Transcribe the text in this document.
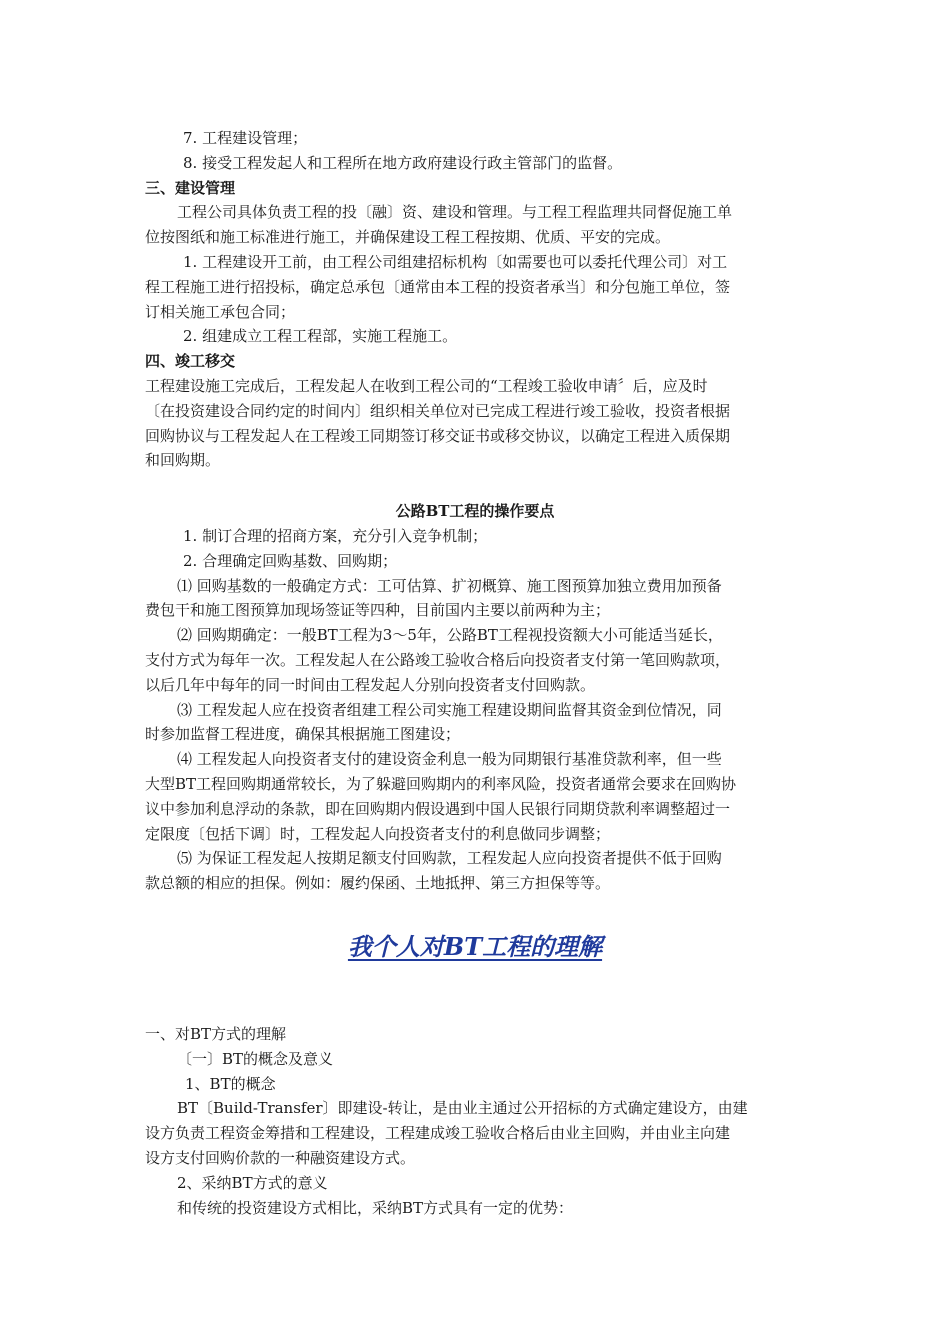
7. 工程建设管理；
8. 接受工程发起人和工程所在地方政府建设行政主管部门的监督。
三、建设管理
工程公司具体负责工程的投〔融〕资、建设和管理。与工程工程监理共同督促施工单
位按图纸和施工标准进行施工，并确保建设工程工程按期、优质、平安的完成。
1. 工程建设开工前，由工程公司组建招标机构〔如需要也可以委托代理公司〕对工
程工程施工进行招投标，确定总承包〔通常由本工程的投资者承当〕和分包施工单位，签
订相关施工承包合同；
2. 组建成立工程工程部，实施工程施工。
四、竣工移交
工程建设施工完成后，工程发起人在收到工程公司的“工程竣工验收申请〞后，应及时
〔在投资建设合同约定的时间内〕组织相关单位对已完成工程进行竣工验收，投资者根据
回购协议与工程发起人在工程竣工同期签订移交证书或移交协议，以确定工程进入质保期
和回购期。
公路BT工程的操作要点
1. 制订合理的招商方案，充分引入竞争机制；
2. 合理确定回购基数、回购期；
⑴ 回购基数的一般确定方式：工可估算、扩初概算、施工图预算加独立费用加预备
费包干和施工图预算加现场签证等四种，目前国内主要以前两种为主；
⑵ 回购期确定：一般BT工程为3～5年，公路BT工程视投资额大小可能适当延长，
支付方式为每年一次。工程发起人在公路竣工验收合格后向投资者支付第一笔回购款项，
以后几年中每年的同一时间由工程发起人分别向投资者支付回购款。
⑶ 工程发起人应在投资者组建工程公司实施工程建设期间监督其资金到位情况，同
时参加监督工程进度，确保其根据施工图建设；
⑷ 工程发起人向投资者支付的建设资金利息一般为同期银行基准贷款利率，但一些
大型BT工程回购期通常较长，为了躲避回购期内的利率风险，投资者通常会要求在回购协
议中参加利息浮动的条款，即在回购期内假设遇到中国人民银行同期贷款利率调整超过一
定限度〔包括下调〕时，工程发起人向投资者支付的利息做同步调整；
⑸ 为保证工程发起人按期足额支付回购款，工程发起人应向投资者提供不低于回购
款总额的相应的担保。例如：履约保函、土地抵押、第三方担保等等。
我个人对BT工程的理解
一、对BT方式的理解
〔一〕BT的概念及意义
1、BT的概念
BT〔Build-Transfer〕即建设-转让，是由业主通过公开招标的方式确定建设方，由建
设方负责工程资金筹措和工程建设，工程建成竣工验收合格后由业主回购，并由业主向建
设方支付回购价款的一种融资建设方式。
2、采纳BT方式的意义
和传统的投资建设方式相比，采纳BT方式具有一定的优势：
